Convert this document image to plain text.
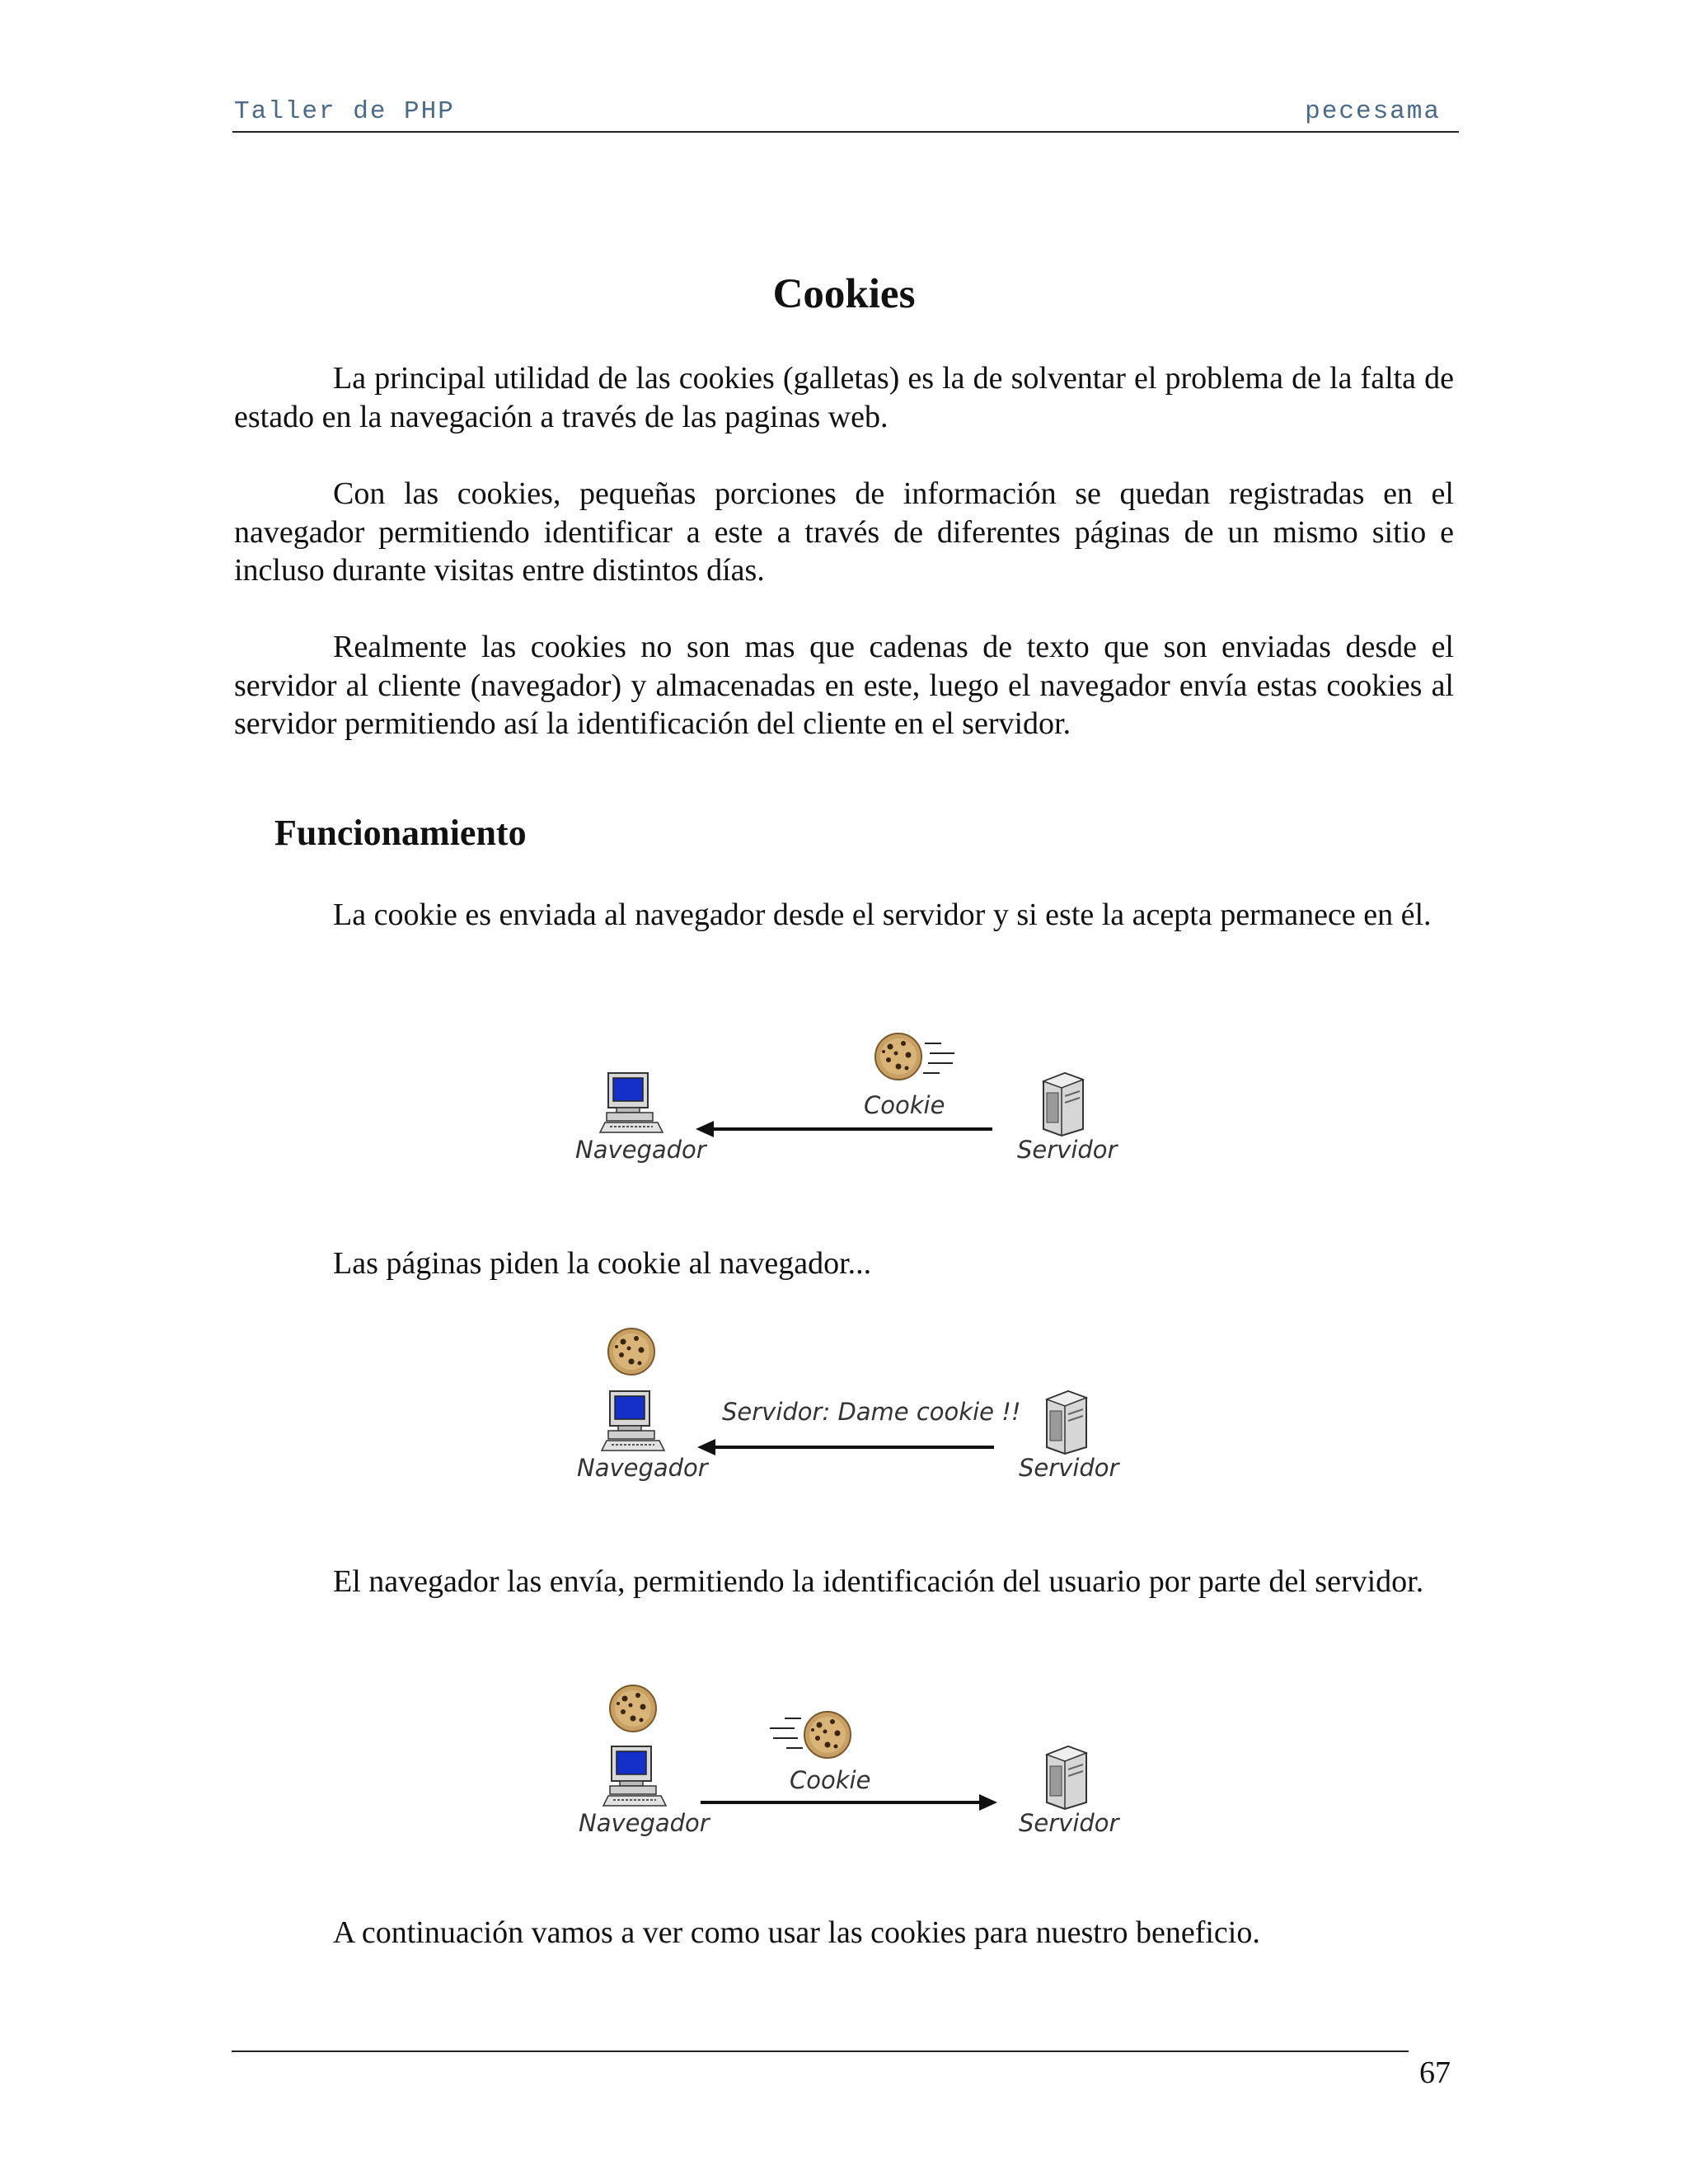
Taller de PHP	pecesama
Cookies

La principal utilidad de las cookies (galletas) es la de solventar el problema de la falta de estado en la navegación a través de las paginas web.

Con las cookies, pequeñas porciones de información se quedan registradas en el navegador permitiendo identificar a este a través de diferentes páginas de un mismo sitio e incluso durante visitas entre distintos días.

Realmente las cookies no son mas que cadenas de texto que son enviadas desde el servidor al cliente (navegador) y almacenadas en este, luego el navegador envía estas cookies al servidor permitiendo así la identificación del cliente en el servidor.

Funcionamiento

La cookie es enviada al navegador desde el servidor y si este la acepta permanece en él.

Navegador
Cookie
Servidor

Las páginas piden la cookie al navegador...

Navegador
Servidor: Dame cookie !!
Servidor

El navegador las envía, permitiendo la identificación del usuario por parte del servidor.

Navegador
Cookie
Servidor

A continuación vamos a ver como usar las cookies para nuestro beneficio.

67
